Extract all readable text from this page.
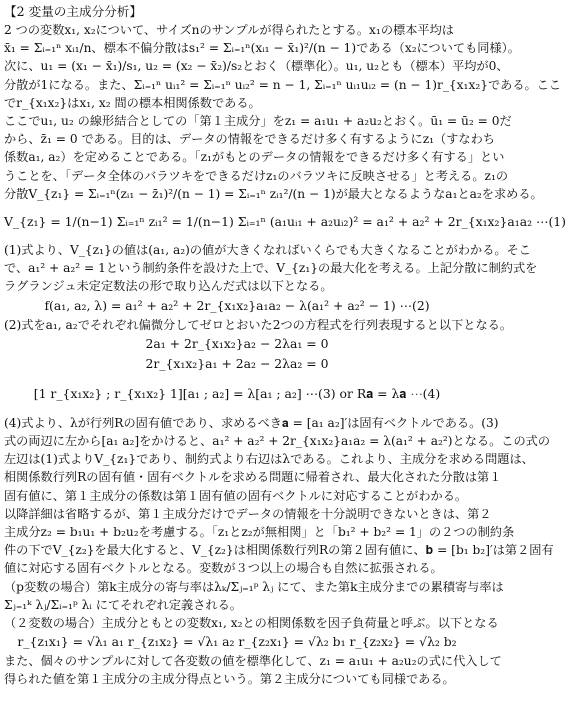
【2 変量の主成分分析】
2 つの変数x₁, x₂について、サイズnのサンプルが得られたとする。x₁の標本平均は
x̄₁ = Σᵢ₌₁ⁿ xᵢ₁/n、標本不偏分散はs₁² = Σᵢ₌₁ⁿ(xᵢ₁ − x̄₁)²/(n − 1)である（x₂についても同様）。
次に、u₁ = (x₁ − x̄₁)/s₁, u₂ = (x₂ − x̄₂)/s₂とおく（標準化）。u₁, u₂とも（標本）平均が0、
分散が1になる。また、Σᵢ₌₁ⁿ uᵢ₁² = Σᵢ₌₁ⁿ uᵢ₂² = n − 1, Σᵢ₌₁ⁿ uᵢ₁uᵢ₂ = (n − 1)r_{x₁x₂}である。ここ
でr_{x₁x₂}はx₁, x₂ 間の標本相関係数である。
ここでu₁, u₂ の線形結合としての「第１主成分」をz₁ = a₁u₁ + a₂u₂とおく。ū₁ = ū₂ = 0だ
から、z̄₁ = 0 である。目的は、データの情報をできるだけ多く有するようにz₁（すなわち
係数a₁, a₂）を定めることである。「z₁がもとのデータの情報をできるだけ多く有する」とい
うことを、「データ全体のバラツキをできるだけz₁のバラツキに反映させる」と考える。z₁の
分散V_{z₁} = Σᵢ₌₁ⁿ(zᵢ₁ − z̄₁)²/(n − 1) = Σᵢ₌₁ⁿ zᵢ₁²/(n − 1)が最大となるようなa₁とa₂を求める。
V_{z₁} = 1/(n−1) Σᵢ₌₁ⁿ zᵢ₁² = 1/(n−1) Σᵢ₌₁ⁿ (a₁uᵢ₁ + a₂uᵢ₂)² = a₁² + a₂² + 2r_{x₁x₂}a₁a₂ ⋯(1)
(1)式より、V_{z₁}の値は(a₁, a₂)の値が大きくなればいくらでも大きくなることがわかる。そこ
で、a₁² + a₂² = 1という制約条件を設けた上で、V_{z₁}の最大化を考える。上記分散に制約式を
ラグランジュ未定定数法の形で取り込んだ式は以下となる。
f(a₁, a₂, λ) = a₁² + a₂² + 2r_{x₁x₂}a₁a₂ − λ(a₁² + a₂² − 1) ⋯(2)
(2)式をa₁, a₂でそれぞれ偏微分してゼロとおいた2つの方程式を行列表現すると以下となる。
2a₁ + 2r_{x₁x₂}a₂ − 2λa₁ = 0
2r_{x₁x₂}a₁ + 2a₂ − 2λa₂ = 0
[1 r_{x₁x₂} ; r_{x₁x₂} 1][a₁ ; a₂] = λ[a₁ ; a₂] ⋯(3) or R𝐚 = λ𝐚 ⋯(4)
(4)式より、λが行列Rの固有値であり、求めるべき𝐚 = [a₁ a₂]′は固有ベクトルである。(3)
式の両辺に左から[a₁ a₂]をかけると、a₁² + a₂² + 2r_{x₁x₂}a₁a₂ = λ(a₁² + a₂²)となる。この式の
左辺は(1)式よりV_{z₁}であり、制約式より右辺はλである。これより、主成分を求める問題は、
相関係数行列Rの固有値・固有ベクトルを求める問題に帰着され、最大化された分散は第１
固有値に、第１主成分の係数は第１固有値の固有ベクトルに対応することがわかる。
以降詳細は省略するが、第１主成分だけでデータの情報を十分説明できないときは、第２
主成分z₂ = b₁u₁ + b₂u₂を考慮する。「z₁とz₂が無相関」と「b₁² + b₂² = 1」の２つの制約条
件の下でV_{z₂}を最大化すると、V_{z₂}は相関係数行列Rの第２固有値に、𝐛 = [b₁ b₂]′は第２固有
値に対応する固有ベクトルとなる。変数が３つ以上の場合も自然に拡張される。
（p変数の場合）第k主成分の寄与率はλₖ/Σⱼ₌₁ᵖ λⱼ にて、また第k主成分までの累積寄与率は
Σⱼ₌₁ᵏ λⱼ/Σᵢ₌₁ᵖ λᵢ にてそれぞれ定義される。
（２変数の場合）主成分ともとの変数x₁, x₂との相関係数を因子負荷量と呼ぶ。以下となる
r_{z₁x₁} = √λ₁ a₁ r_{z₁x₂} = √λ₁ a₂ r_{z₂x₁} = √λ₂ b₁ r_{z₂x₂} = √λ₂ b₂
また、個々のサンプルに対して各変数の値を標準化して、z₁ = a₁u₁ + a₂u₂の式に代入して
得られた値を第１主成分の主成分得点という。第２主成分についても同様である。
